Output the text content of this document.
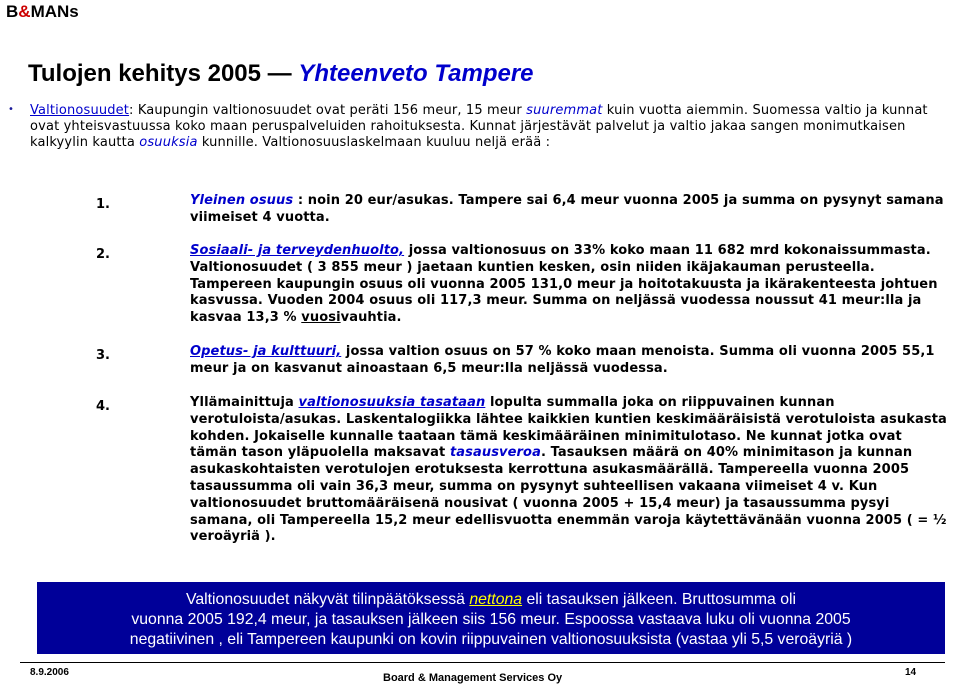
B&MANs
Tulojen kehitys 2005 — Yhteenveto Tampere
• Valtionosuudet: Kaupungin valtionosuudet ovat peräti 156 meur, 15 meur suuremmat kuin vuotta aiemmin. Suomessa valtio ja kunnat ovat yhteisvastuussa koko maan peruspalveluiden rahoituksesta. Kunnat järjestävät palvelut ja valtio jakaa sangen monimutkaisen kalkyylin kautta osuuksia kunnille. Valtionosuuslaskelmaan kuuluu neljä erää :
1.	Yleinen osuus : noin 20 eur/asukas. Tampere sai 6,4 meur vuonna 2005 ja summa on pysynyt samana viimeiset 4 vuotta.
2.	Sosiaali- ja terveydenhuolto, jossa valtionosuus on 33% koko maan 11 682 mrd kokonaissummasta. Valtionosuudet ( 3 855 meur ) jaetaan kuntien kesken, osin niiden ikäjakauman perusteella. Tampereen kaupungin osuus oli vuonna 2005 131,0 meur ja hoitotakuusta ja ikärakenteesta johtuen kasvussa. Vuoden 2004 osuus oli 117,3 meur. Summa on neljässä vuodessa noussut 41 meur:lla ja kasvaa 13,3 % vuosivauhtia.
3.	Opetus- ja kulttuuri, jossa valtion osuus on 57 % koko maan menoista. Summa oli vuonna 2005 55,1 meur ja on kasvanut ainoastaan 6,5 meur:lla neljässä vuodessa.
4.	Yllämainittuja valtionosuuksia tasataan lopulta summalla joka on riippuvainen kunnan verotuloista/asukas. Laskentalogiikka lähtee kaikkien kuntien keskimääräisistä verotuloista asukasta kohden. Jokaiselle kunnalle taataan tämä keskimääräinen minimitulotaso. Ne kunnat jotka ovat tämän tason yläpuolella maksavat tasausveroa. Tasauksen määrä on 40% minimitason ja kunnan asukaskohtaisten verotulojen erotuksesta kerrottuna asukasmäärällä. Tampereella vuonna 2005 tasaussumma oli vain 36,3 meur, summa on pysynyt suhteellisen vakaana viimeiset 4 v. Kun valtionosuudet bruttomääräisenä nousivat ( vuonna 2005 + 15,4 meur) ja tasaussumma pysyi samana, oli Tampereella 15,2 meur edellisvuotta enemmän varoja käytettävänään vuonna 2005 ( = ½ veroäyriä ).

Valtionosuudet näkyvät tilinpäätöksessä nettona eli tasauksen jälkeen. Bruttosumma oli

vuonna 2005 192,4 meur, ja tasauksen jälkeen siis 156 meur. Espoossa vastaava luku oli vuonna 2005
negatiivinen , eli Tampereen kaupunki on kovin riippuvainen valtionosuuksista (vastaa yli 5,5 veroäyriä )
8.9.2006	Board & Management Services Oy	14
